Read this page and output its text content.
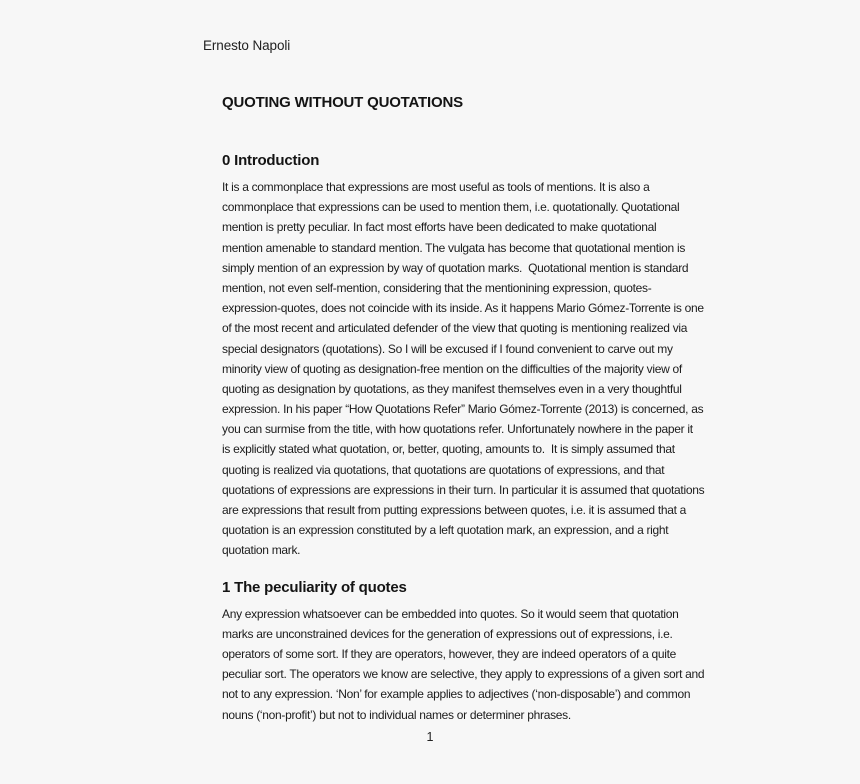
Ernesto Napoli
QUOTING WITHOUT QUOTATIONS
0 Introduction
It is a commonplace that expressions are most useful as tools of mentions. It is also a
commonplace that expressions can be used to mention them, i.e. quotationally. Quotational
mention is pretty peculiar. In fact most efforts have been dedicated to make quotational
mention amenable to standard mention. The vulgata has become that quotational mention is
simply mention of an expression by way of quotation marks.  Quotational mention is standard
mention, not even self-mention, considering that the mentionining expression, quotes-
expression-quotes, does not coincide with its inside. As it happens Mario Gómez-Torrente is one
of the most recent and articulated defender of the view that quoting is mentioning realized via
special designators (quotations). So I will be excused if I found convenient to carve out my
minority view of quoting as designation-free mention on the difficulties of the majority view of
quoting as designation by quotations, as they manifest themselves even in a very thoughtful
expression. In his paper “How Quotations Refer” Mario Gómez-Torrente (2013) is concerned, as
you can surmise from the title, with how quotations refer. Unfortunately nowhere in the paper it
is explicitly stated what quotation, or, better, quoting, amounts to.  It is simply assumed that
quoting is realized via quotations, that quotations are quotations of expressions, and that
quotations of expressions are expressions in their turn. In particular it is assumed that quotations
are expressions that result from putting expressions between quotes, i.e. it is assumed that a
quotation is an expression constituted by a left quotation mark, an expression, and a right
quotation mark.
1 The peculiarity of quotes
Any expression whatsoever can be embedded into quotes. So it would seem that quotation
marks are unconstrained devices for the generation of expressions out of expressions, i.e.
operators of some sort. If they are operators, however, they are indeed operators of a quite
peculiar sort. The operators we know are selective, they apply to expressions of a given sort and
not to any expression. ‘Non’ for example applies to adjectives (‘non-disposable’) and common
nouns (‘non-profit’) but not to individual names or determiner phrases.
1
